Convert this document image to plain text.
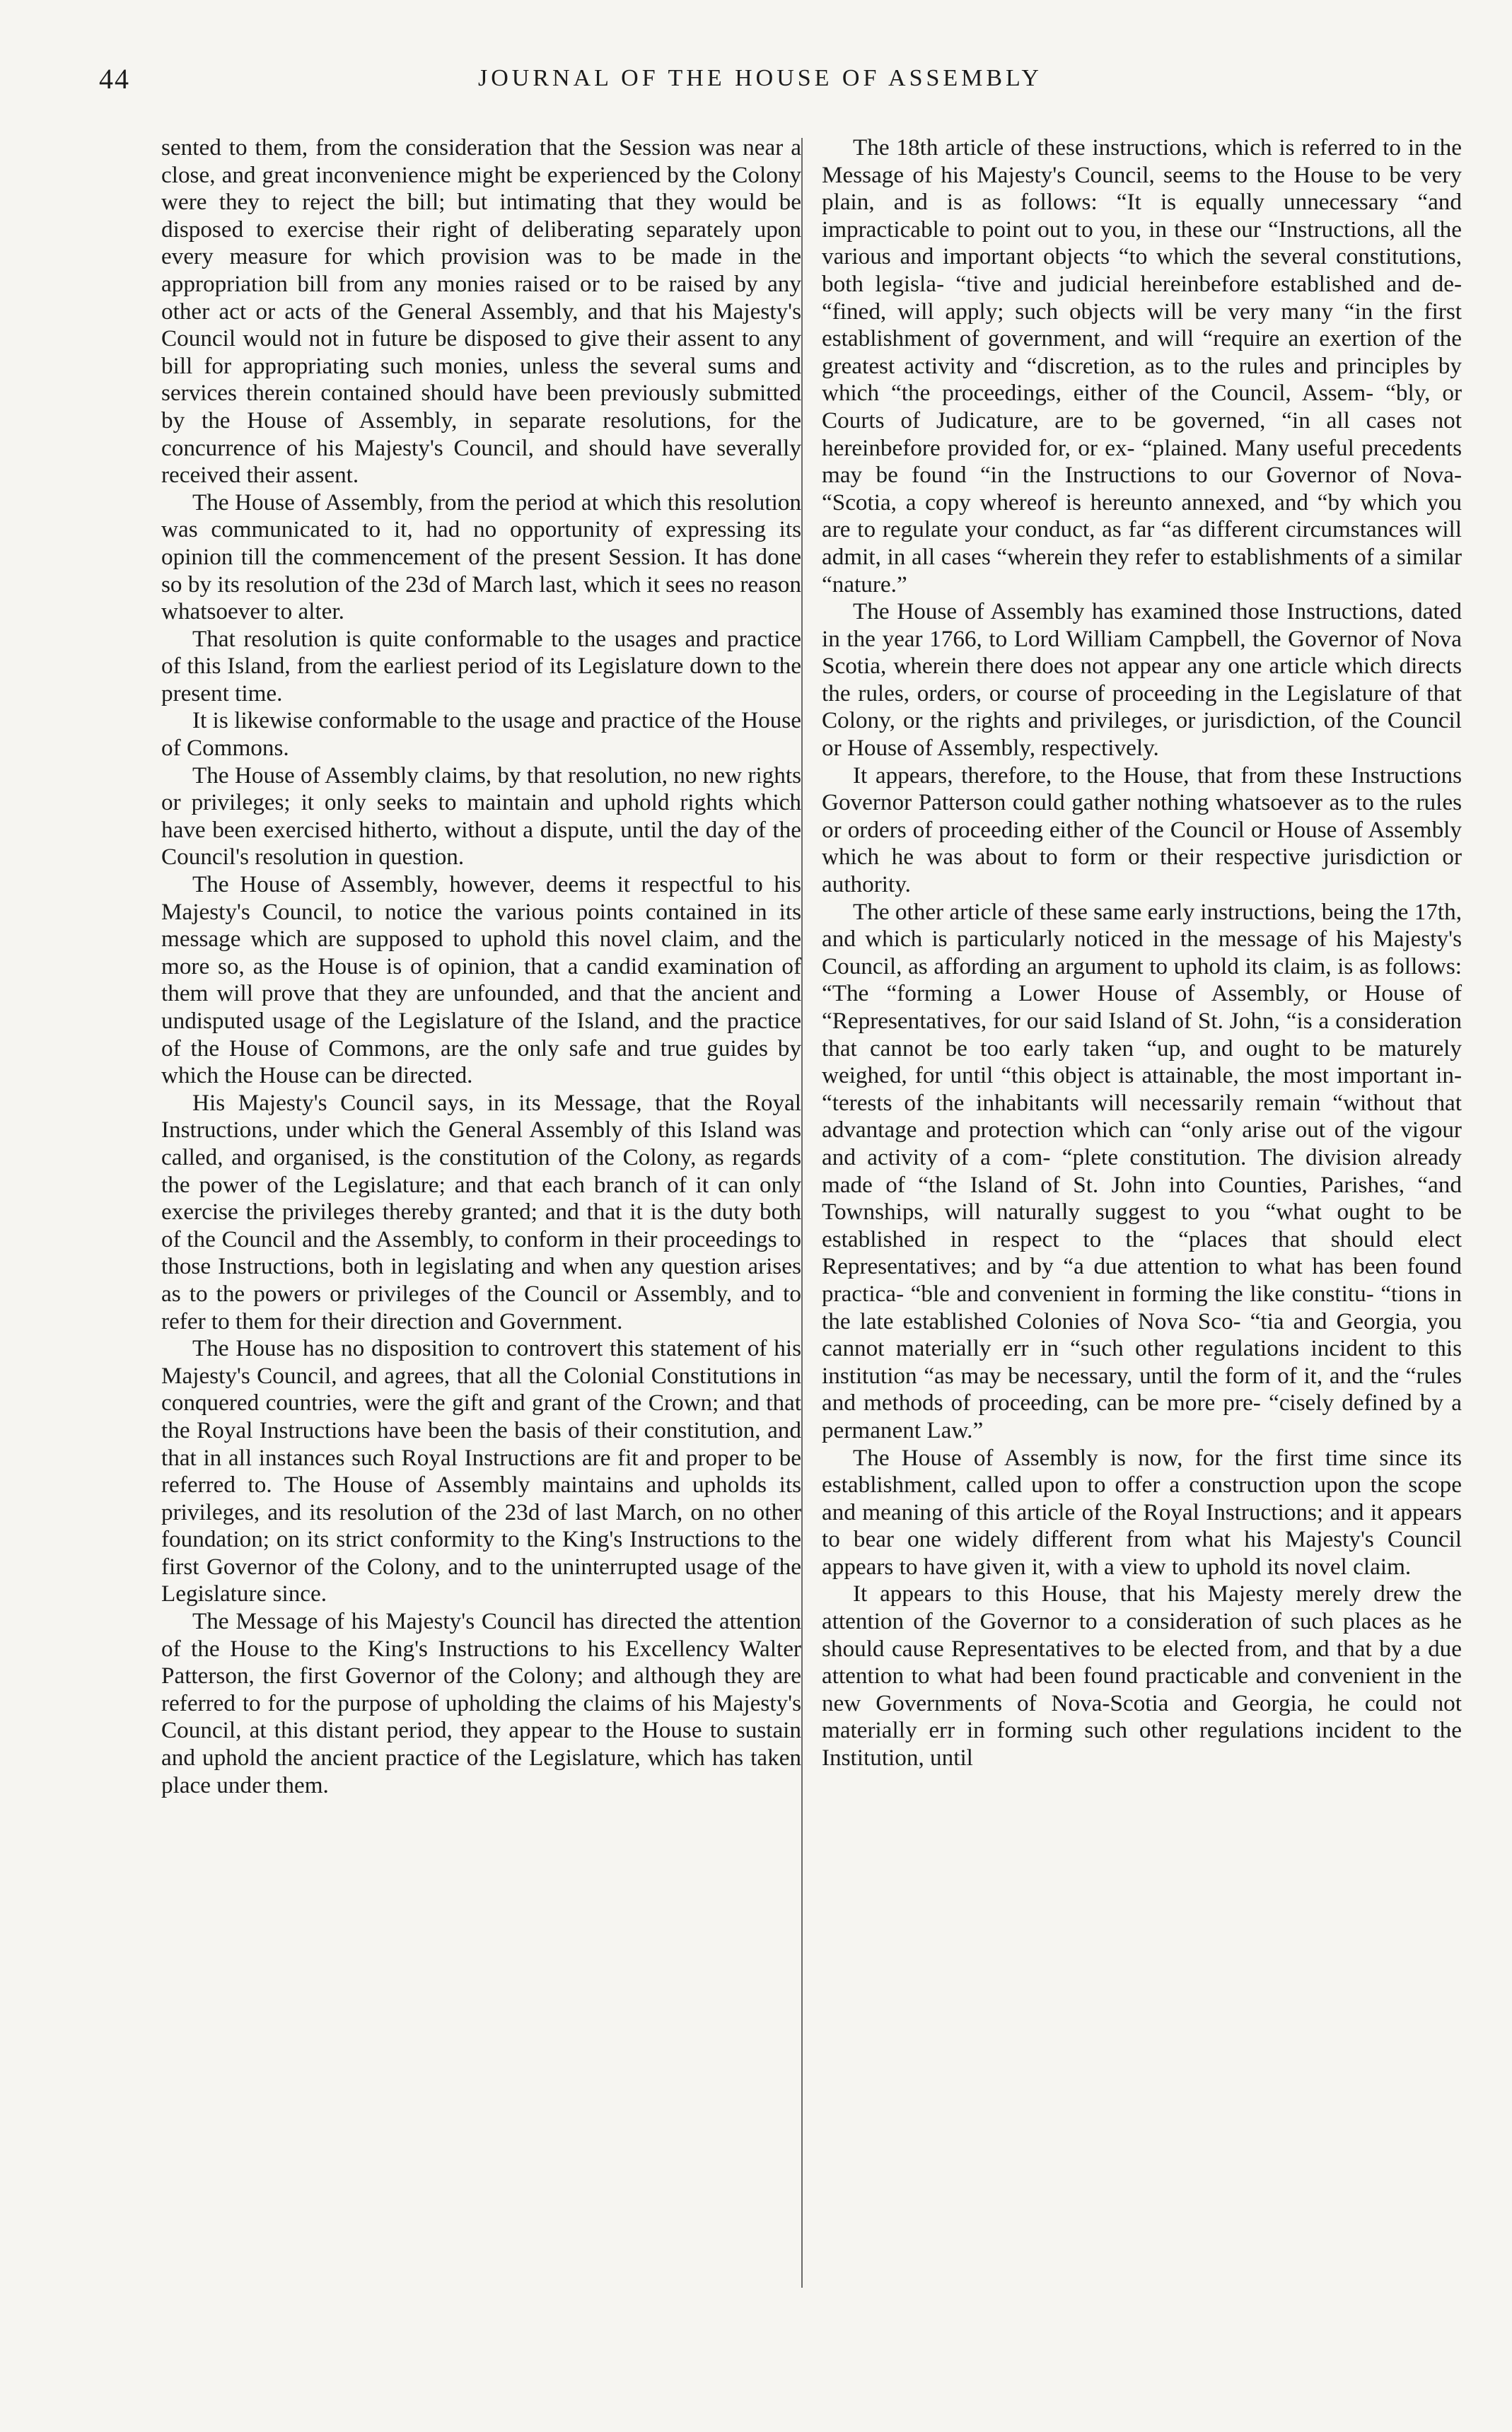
44	JOURNAL OF THE HOUSE OF ASSEMBLY

sented to them, from the consideration that the Session was near a close, and great inconvenience might be experienced by the Colony were they to reject the bill; but intimating that they would be disposed to exercise their right of deliberating separately upon every measure for which provision was to be made in the appropriation bill from any monies raised or to be raised by any other act or acts of the General Assembly, and that his Majesty's Council would not in future be disposed to give their assent to any bill for appropriating such monies, unless the several sums and services therein contained should have been previously submitted by the House of Assembly, in separate resolutions, for the concurrence of his Majesty's Council, and should have severally received their assent.

The House of Assembly, from the period at which this resolution was communicated to it, had no opportunity of expressing its opinion till the commencement of the present Session. It has done so by its resolution of the 23d of March last, which it sees no reason whatsoever to alter.

That resolution is quite conformable to the usages and practice of this Island, from the earliest period of its Legislature down to the present time.

It is likewise conformable to the usage and practice of the House of Commons.

The House of Assembly claims, by that resolution, no new rights or privileges; it only seeks to maintain and uphold rights which have been exercised hitherto, without a dispute, until the day of the Council's resolution in question.

The House of Assembly, however, deems it respectful to his Majesty's Council, to notice the various points contained in its message which are supposed to uphold this novel claim, and the more so, as the House is of opinion, that a candid examination of them will prove that they are unfounded, and that the ancient and undisputed usage of the Legislature of the Island, and the practice of the House of Commons, are the only safe and true guides by which the House can be directed.

His Majesty's Council says, in its Message, that the Royal Instructions, under which the General Assembly of this Island was called, and organised, is the constitution of the Colony, as regards the power of the Legislature; and that each branch of it can only exercise the privileges thereby granted; and that it is the duty both of the Council and the Assembly, to conform in their proceedings to those Instructions, both in legislating and when any question arises as to the powers or privileges of the Council or Assembly, and to refer to them for their direction and Government.

The House has no disposition to controvert this statement of his Majesty's Council, and agrees, that all the Colonial Constitutions in conquered countries, were the gift and grant of the Crown; and that the Royal Instructions have been the basis of their constitution, and that in all instances such Royal Instructions are fit and proper to be referred to. The House of Assembly maintains and upholds its privileges, and its resolution of the 23d of last March, on no other foundation; on its strict conformity to the King's Instructions to the first Governor of the Colony, and to the uninterrupted usage of the Legislature since.

The Message of his Majesty's Council has directed the attention of the House to the King's Instructions to his Excellency Walter Patterson, the first Governor of the Colony; and although they are referred to for the purpose of upholding the claims of his Majesty's Council, at this distant period, they appear to the House to sustain and uphold the ancient practice of the Legislature, which has taken place under them.

The 18th article of these instructions, which is referred to in the Message of his Majesty's Council, seems to the House to be very plain, and is as follows: “It is equally unnecessary “and impracticable to point out to you, in these our “Instructions, all the various and important objects “to which the several constitutions, both legisla- “tive and judicial hereinbefore established and de- “fined, will apply; such objects will be very many “in the first establishment of government, and will “require an exertion of the greatest activity and “discretion, as to the rules and principles by which “the proceedings, either of the Council, Assem- “bly, or Courts of Judicature, are to be governed, “in all cases not hereinbefore provided for, or ex- “plained. Many useful precedents may be found “in the Instructions to our Governor of Nova- “Scotia, a copy whereof is hereunto annexed, and “by which you are to regulate your conduct, as far “as different circumstances will admit, in all cases “wherein they refer to establishments of a similar “nature.”

The House of Assembly has examined those Instructions, dated in the year 1766, to Lord William Campbell, the Governor of Nova Scotia, wherein there does not appear any one article which directs the rules, orders, or course of proceeding in the Legislature of that Colony, or the rights and privileges, or jurisdiction, of the Council or House of Assembly, respectively.

It appears, therefore, to the House, that from these Instructions Governor Patterson could gather nothing whatsoever as to the rules or orders of proceeding either of the Council or House of Assembly which he was about to form or their respective jurisdiction or authority.

The other article of these same early instructions, being the 17th, and which is particularly noticed in the message of his Majesty's Council, as affording an argument to uphold its claim, is as follows: “The “forming a Lower House of Assembly, or House of “Representatives, for our said Island of St. John, “is a consideration that cannot be too early taken “up, and ought to be maturely weighed, for until “this object is attainable, the most important in- “terests of the inhabitants will necessarily remain “without that advantage and protection which can “only arise out of the vigour and activity of a com- “plete constitution. The division already made of “the Island of St. John into Counties, Parishes, “and Townships, will naturally suggest to you “what ought to be established in respect to the “places that should elect Representatives; and by “a due attention to what has been found practica- “ble and convenient in forming the like constitu- “tions in the late established Colonies of Nova Sco- “tia and Georgia, you cannot materially err in “such other regulations incident to this institution “as may be necessary, until the form of it, and the “rules and methods of proceeding, can be more pre- “cisely defined by a permanent Law.”

The House of Assembly is now, for the first time since its establishment, called upon to offer a construction upon the scope and meaning of this article of the Royal Instructions; and it appears to bear one widely different from what his Majesty's Council appears to have given it, with a view to uphold its novel claim.

It appears to this House, that his Majesty merely drew the attention of the Governor to a consideration of such places as he should cause Representatives to be elected from, and that by a due attention to what had been found practicable and convenient in the new Governments of Nova-Scotia and Georgia, he could not materially err in forming such other regulations incident to the Institution, until
